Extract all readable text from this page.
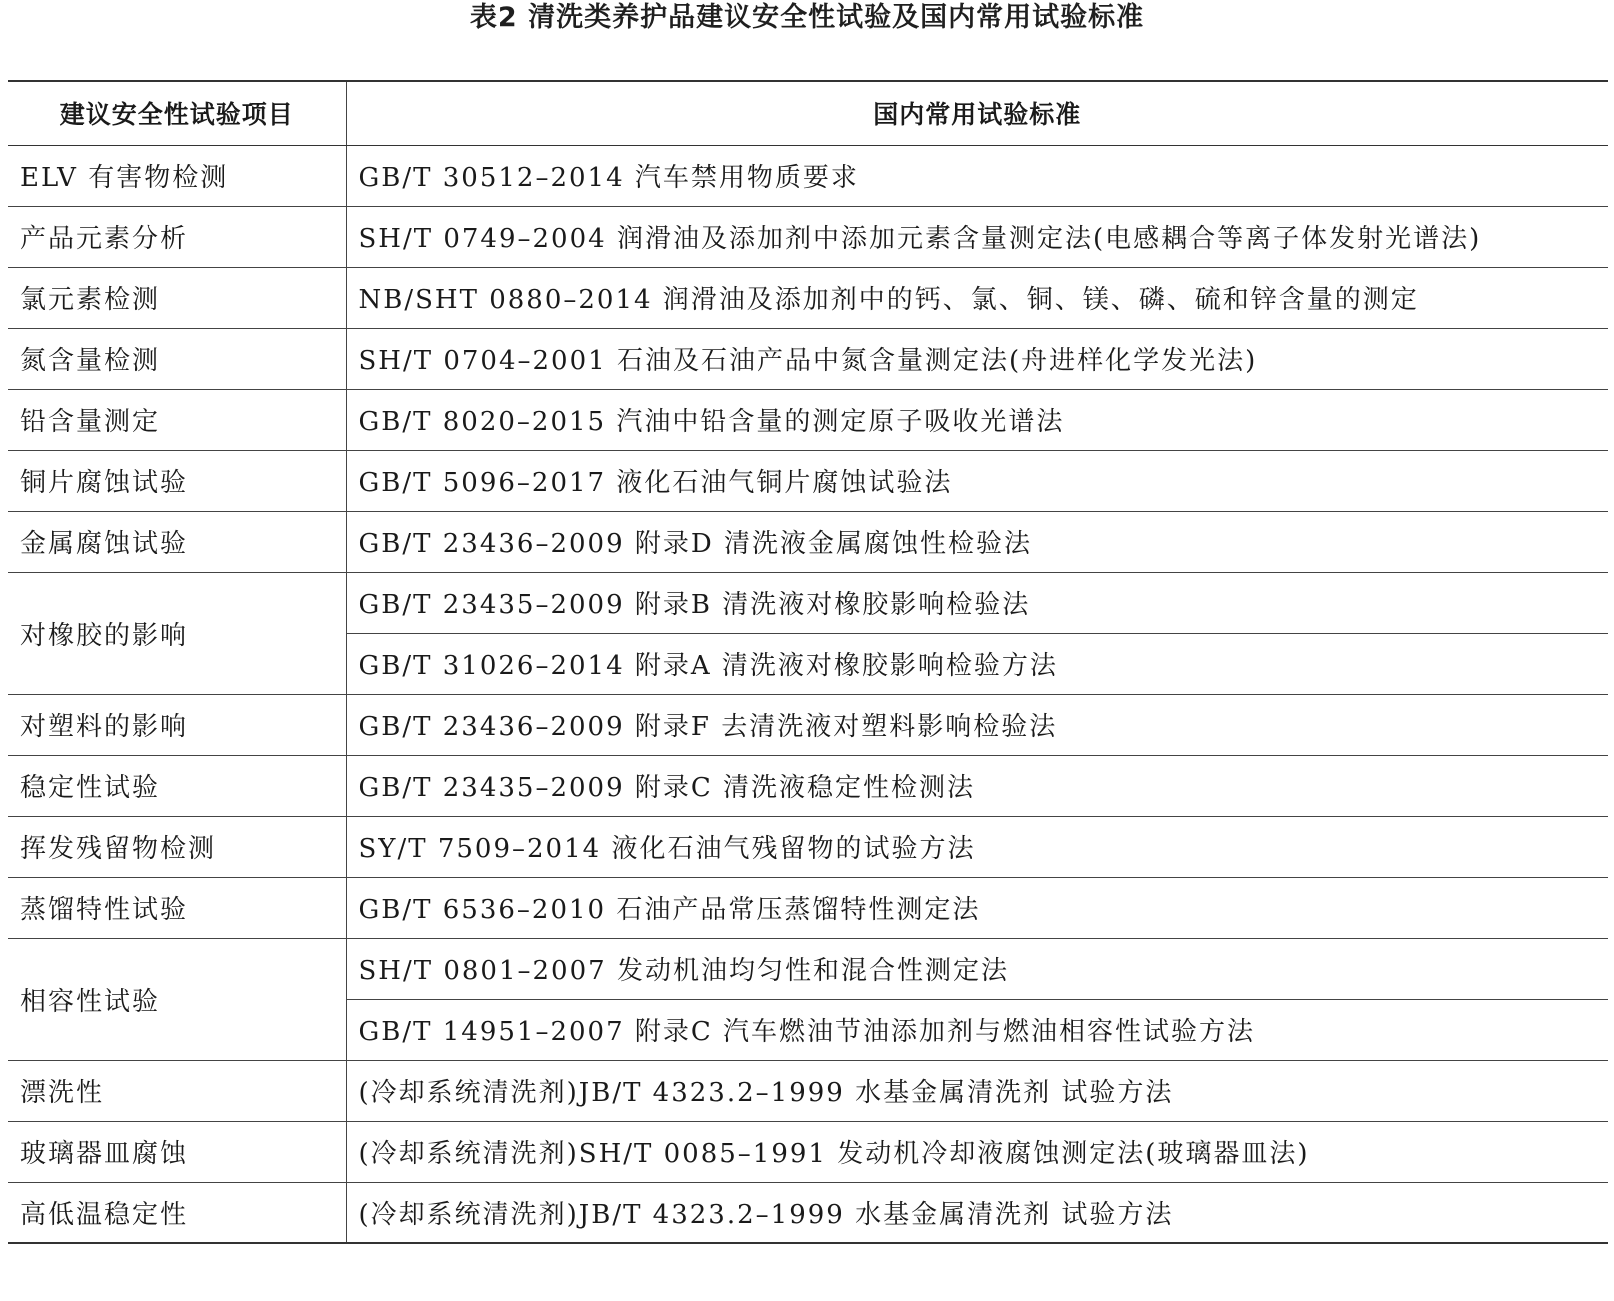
表2 清洗类养护品建议安全性试验及国内常用试验标准
建议安全性试验项目	国内常用试验标准
ELV 有害物检测	GB/T 30512–2014 汽车禁用物质要求
产品元素分析	SH/T 0749–2004 润滑油及添加剂中添加元素含量测定法(电感耦合等离子体发射光谱法)
氯元素检测	NB/SHT 0880–2014 润滑油及添加剂中的钙、氯、铜、镁、磷、硫和锌含量的测定
氮含量检测	SH/T 0704–2001 石油及石油产品中氮含量测定法(舟进样化学发光法)
铅含量测定	GB/T 8020–2015 汽油中铅含量的测定原子吸收光谱法
铜片腐蚀试验	GB/T 5096–2017 液化石油气铜片腐蚀试验法
金属腐蚀试验	GB/T 23436–2009 附录D 清洗液金属腐蚀性检验法
对橡胶的影响	GB/T 23435–2009 附录B 清洗液对橡胶影响检验法
	GB/T 31026–2014 附录A 清洗液对橡胶影响检验方法
对塑料的影响	GB/T 23436–2009 附录F 去清洗液对塑料影响检验法
稳定性试验	GB/T 23435–2009 附录C 清洗液稳定性检测法
挥发残留物检测	SY/T 7509–2014 液化石油气残留物的试验方法
蒸馏特性试验	GB/T 6536–2010 石油产品常压蒸馏特性测定法
相容性试验	SH/T 0801–2007 发动机油均匀性和混合性测定法
	GB/T 14951–2007 附录C 汽车燃油节油添加剂与燃油相容性试验方法
漂洗性	(冷却系统清洗剂)JB/T 4323.2–1999 水基金属清洗剂 试验方法
玻璃器皿腐蚀	(冷却系统清洗剂)SH/T 0085–1991 发动机冷却液腐蚀测定法(玻璃器皿法)
高低温稳定性	(冷却系统清洗剂)JB/T 4323.2–1999 水基金属清洗剂 试验方法
